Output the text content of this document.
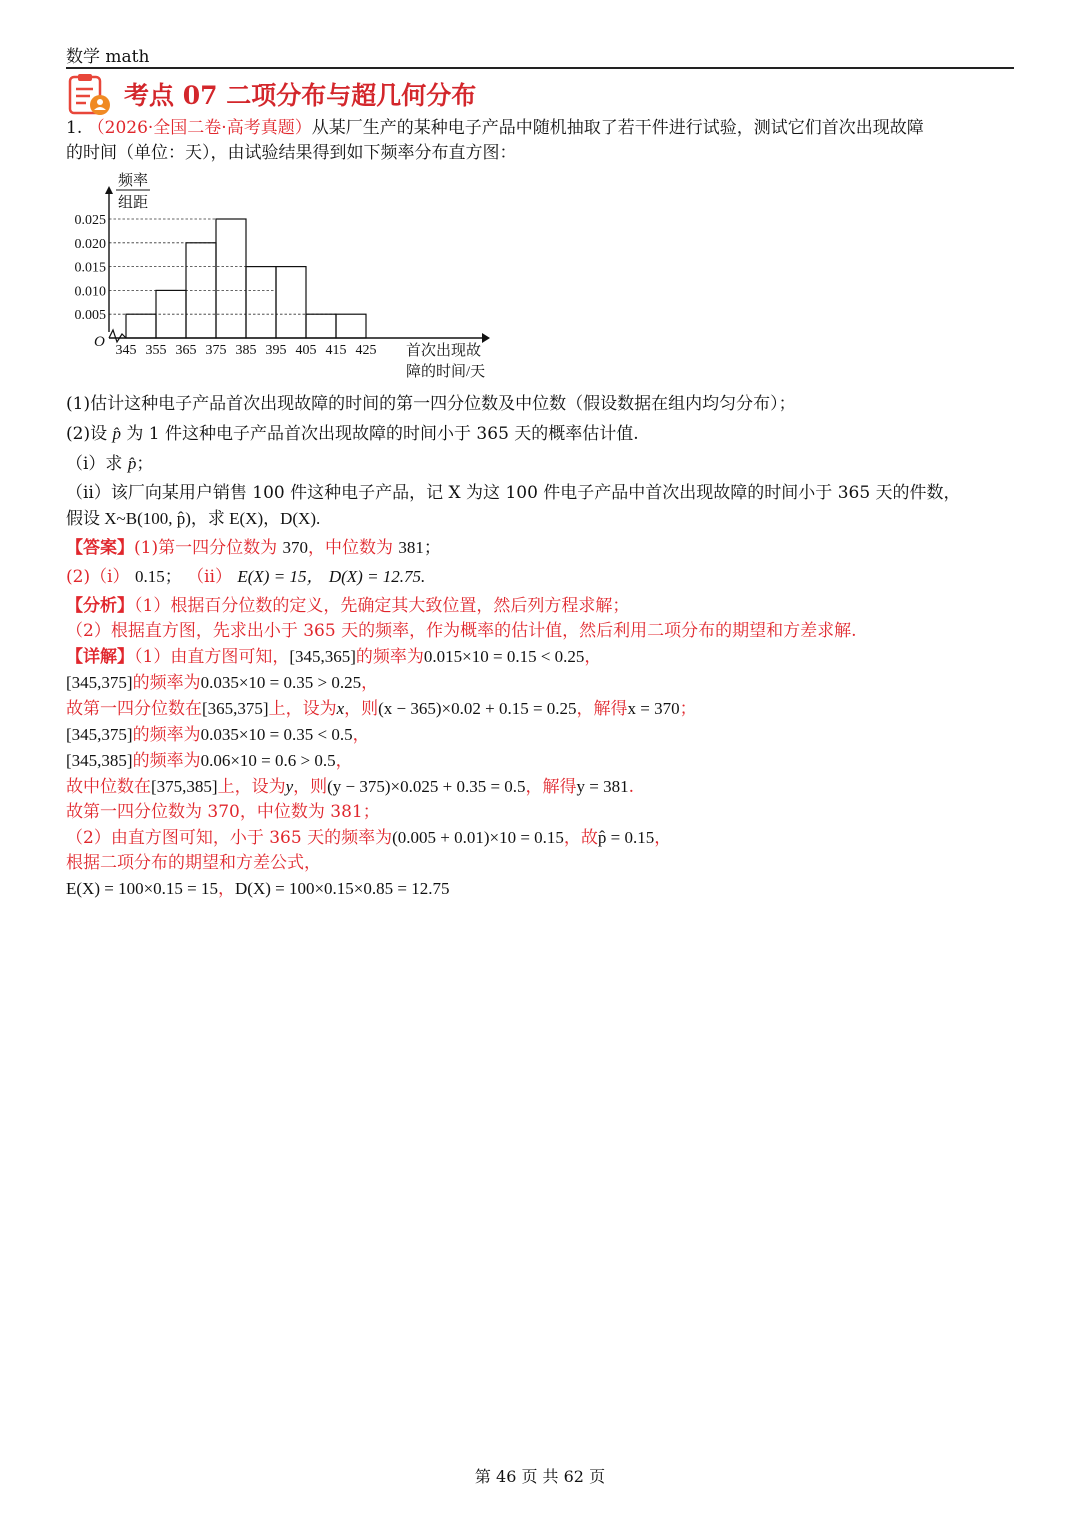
数学 math
考点 07 二项分布与超几何分布

1. （2026·全国二卷·高考真题）从某厂生产的某种电子产品中随机抽取了若干件进行试验，测试它们首次出现故障

的时间（单位：天），由试验结果得到如下频率分布直方图：

(1)估计这种电子产品首次出现故障的时间的第一四分位数及中位数（假设数据在组内均匀分布）；

(2)设 p̂ 为 1 件这种电子产品首次出现故障的时间小于 365 天的概率估计值.

（ⅰ）求 p̂；

（ⅱ）该厂向某用户销售 100 件这种电子产品，记 X 为这 100 件电子产品中首次出现故障的时间小于 365 天的件数，

假设 X~B(100, p̂)，求 E(X)，D(X).

【答案】(1)第一四分位数为 370，中位数为 381；

(2)（ⅰ） 0.15； （ⅱ） E(X) = 15， D(X) = 12.75.

【分析】（1）根据百分位数的定义，先确定其大致位置，然后列方程求解；

（2）根据直方图，先求出小于 365 天的频率，作为概率的估计值，然后利用二项分布的期望和方差求解.

【详解】（1）由直方图可知，[345,365]的频率为0.015×10 = 0.15 < 0.25，

[345,375]的频率为0.035×10 = 0.35 > 0.25，

故第一四分位数在[365,375]上，设为x，则(x − 365)×0.02 + 0.15 = 0.25，解得x = 370；

[345,375]的频率为0.035×10 = 0.35 < 0.5，

[345,385]的频率为0.06×10 = 0.6 > 0.5，

故中位数在[375,385]上，设为y，则(y − 375)×0.025 + 0.35 = 0.5，解得y = 381.

故第一四分位数为 370，中位数为 381；

（2）由直方图可知，小于 365 天的频率为(0.005 + 0.01)×10 = 0.15，故p̂ = 0.15，

根据二项分布的期望和方差公式，

E(X) = 100×0.15 = 15，D(X) = 100×0.15×0.85 = 12.75

0.005
0.010
0.015
0.020
0.025
345 355 365 375 385 395 405 415 425
O
频率
组距
首次出现故
障的时间/天
第 46 页 共 62 页
